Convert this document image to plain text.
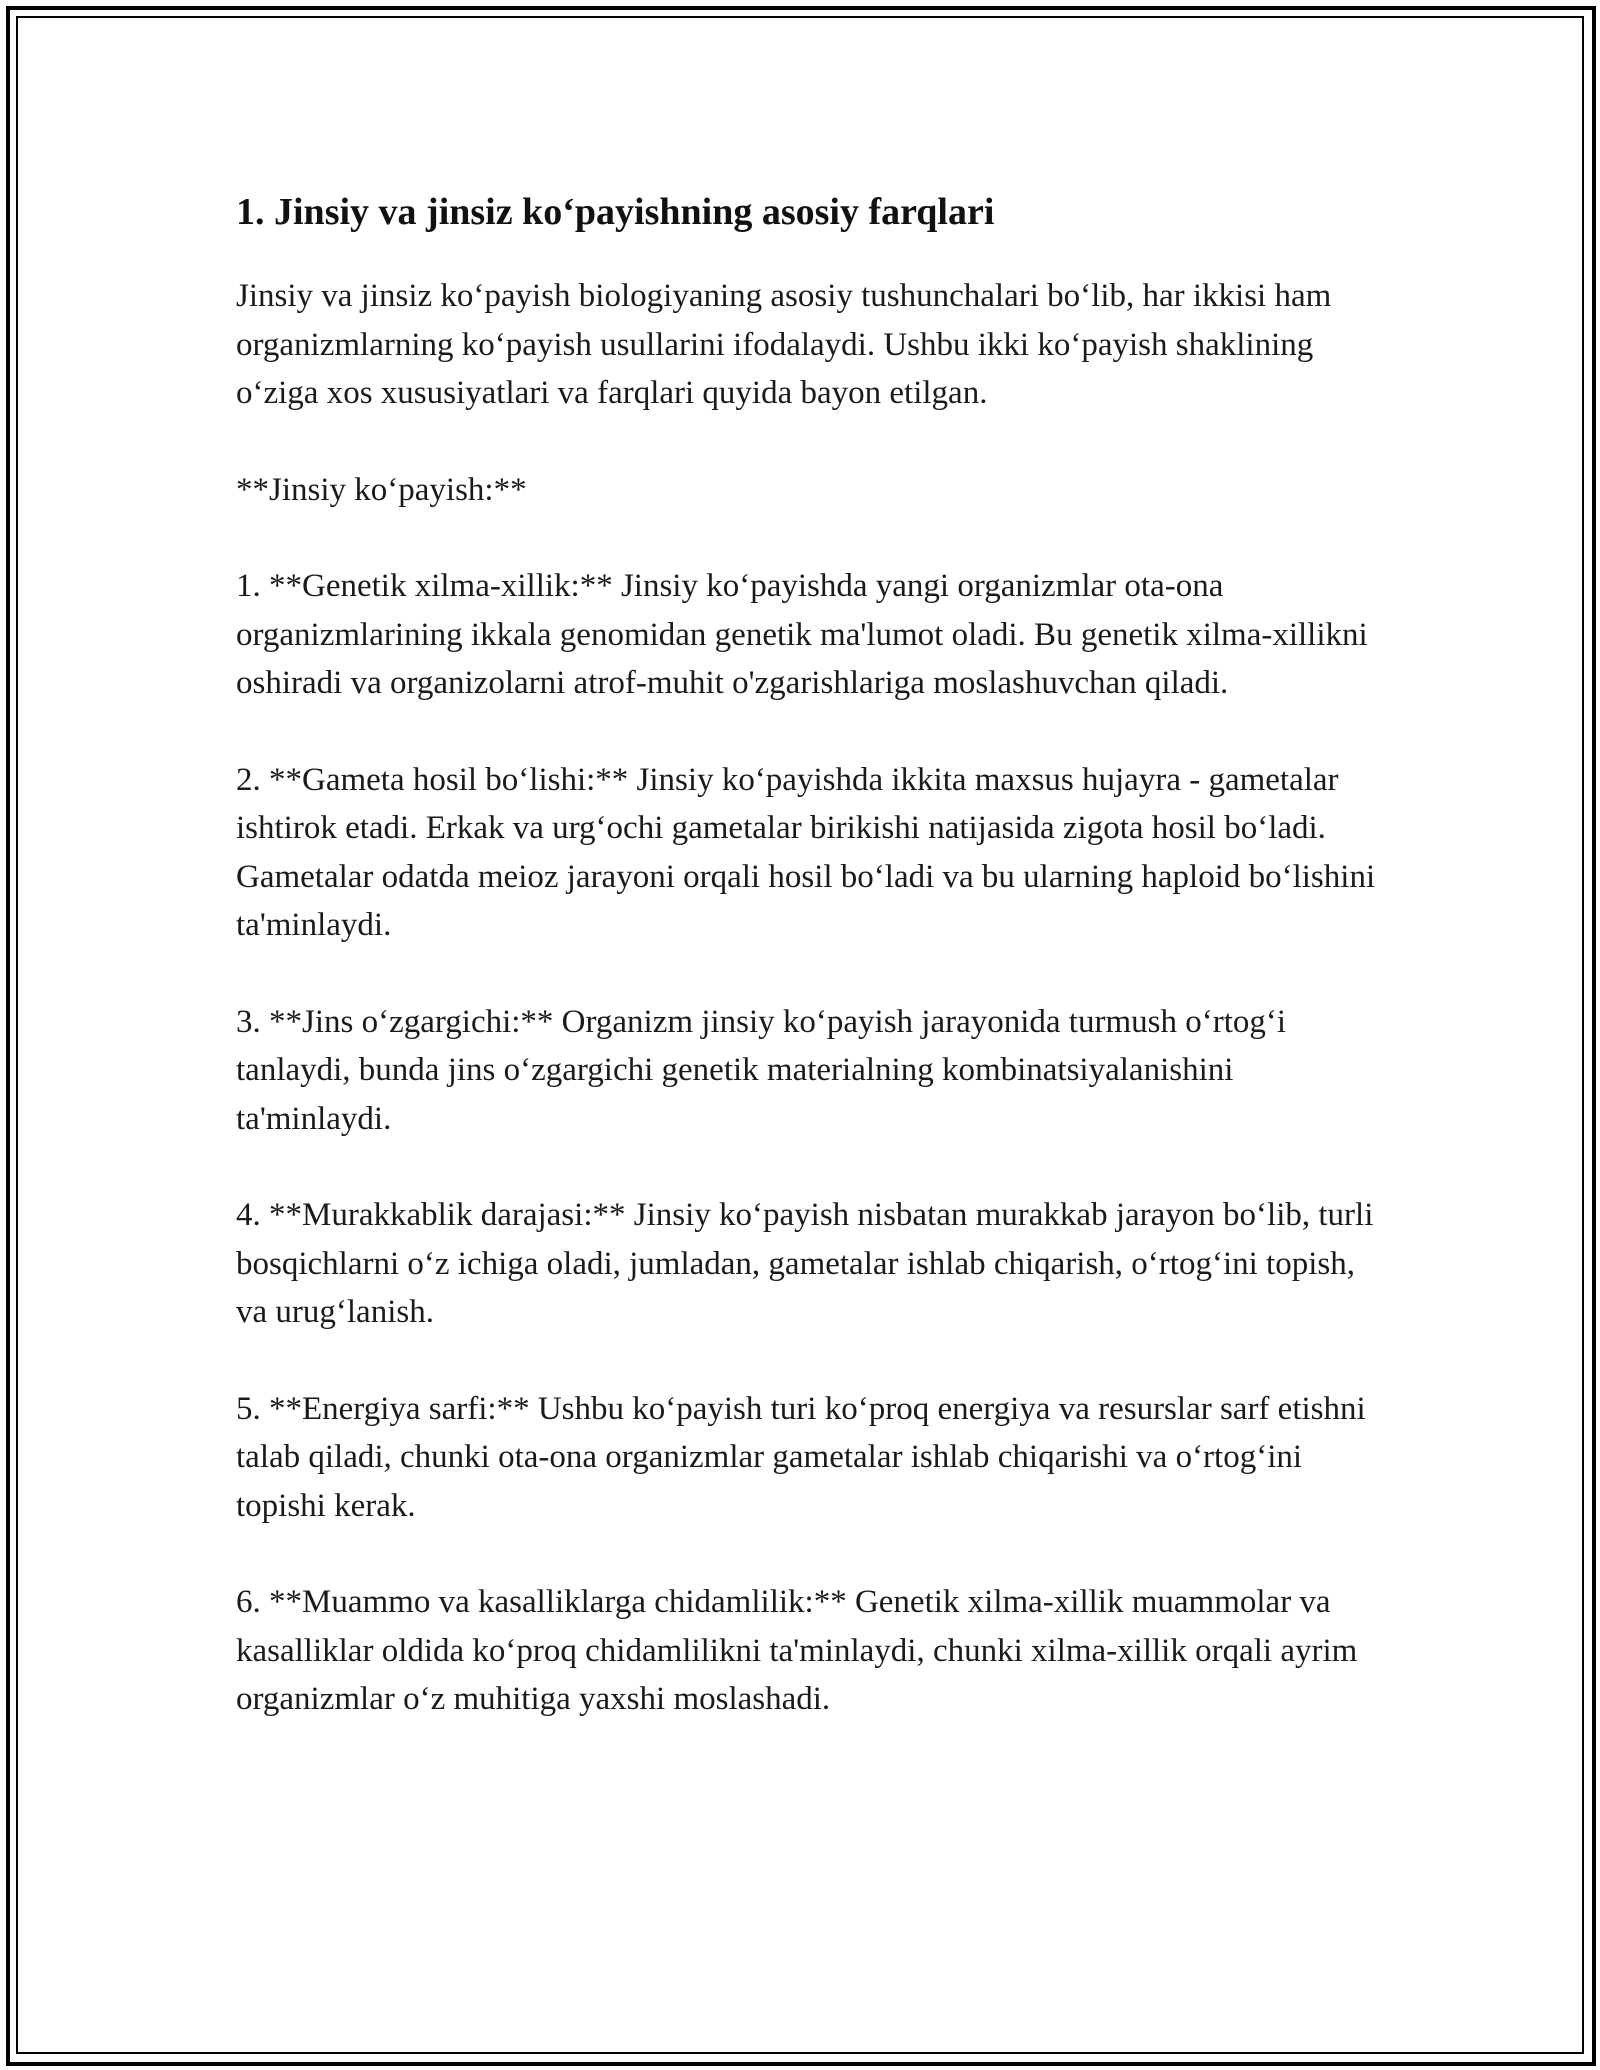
1. Jinsiy va jinsiz ko‘payishning asosiy farqlari

Jinsiy va jinsiz ko‘payish biologiyaning asosiy tushunchalari bo‘lib, har ikkisi ham organizmlarning ko‘payish usullarini ifodalaydi. Ushbu ikki ko‘payish shaklining o‘ziga xos xususiyatlari va farqlari quyida bayon etilgan.

**Jinsiy ko‘payish:**

1. **Genetik xilma-xillik:** Jinsiy ko‘payishda yangi organizmlar ota-ona organizmlarining ikkala genomidan genetik ma'lumot oladi. Bu genetik xilma-xillikni oshiradi va organizolarni atrof-muhit o'zgarishlariga moslashuvchan qiladi.

2. **Gameta hosil bo‘lishi:** Jinsiy ko‘payishda ikkita maxsus hujayra - gametalar ishtirok etadi. Erkak va urg‘ochi gametalar birikishi natijasida zigota hosil bo‘ladi. Gametalar odatda meioz jarayoni orqali hosil bo‘ladi va bu ularning haploid bo‘lishini ta'minlaydi.

3. **Jins o‘zgargichi:** Organizm jinsiy ko‘payish jarayonida turmush o‘rtog‘i tanlaydi, bunda jins o‘zgargichi genetik materialning kombinatsiyalanishini ta'minlaydi.

4. **Murakkablik darajasi:** Jinsiy ko‘payish nisbatan murakkab jarayon bo‘lib, turli bosqichlarni o‘z ichiga oladi, jumladan, gametalar ishlab chiqarish, o‘rtog‘ini topish, va urug‘lanish.

5. **Energiya sarfi:** Ushbu ko‘payish turi ko‘proq energiya va resurslar sarf etishni talab qiladi, chunki ota-ona organizmlar gametalar ishlab chiqarishi va o‘rtog‘ini topishi kerak.

6. **Muammo va kasalliklarga chidamlilik:** Genetik xilma-xillik muammolar va kasalliklar oldida ko‘proq chidamlilikni ta'minlaydi, chunki xilma-xillik orqali ayrim organizmlar o‘z muhitiga yaxshi moslashadi.
